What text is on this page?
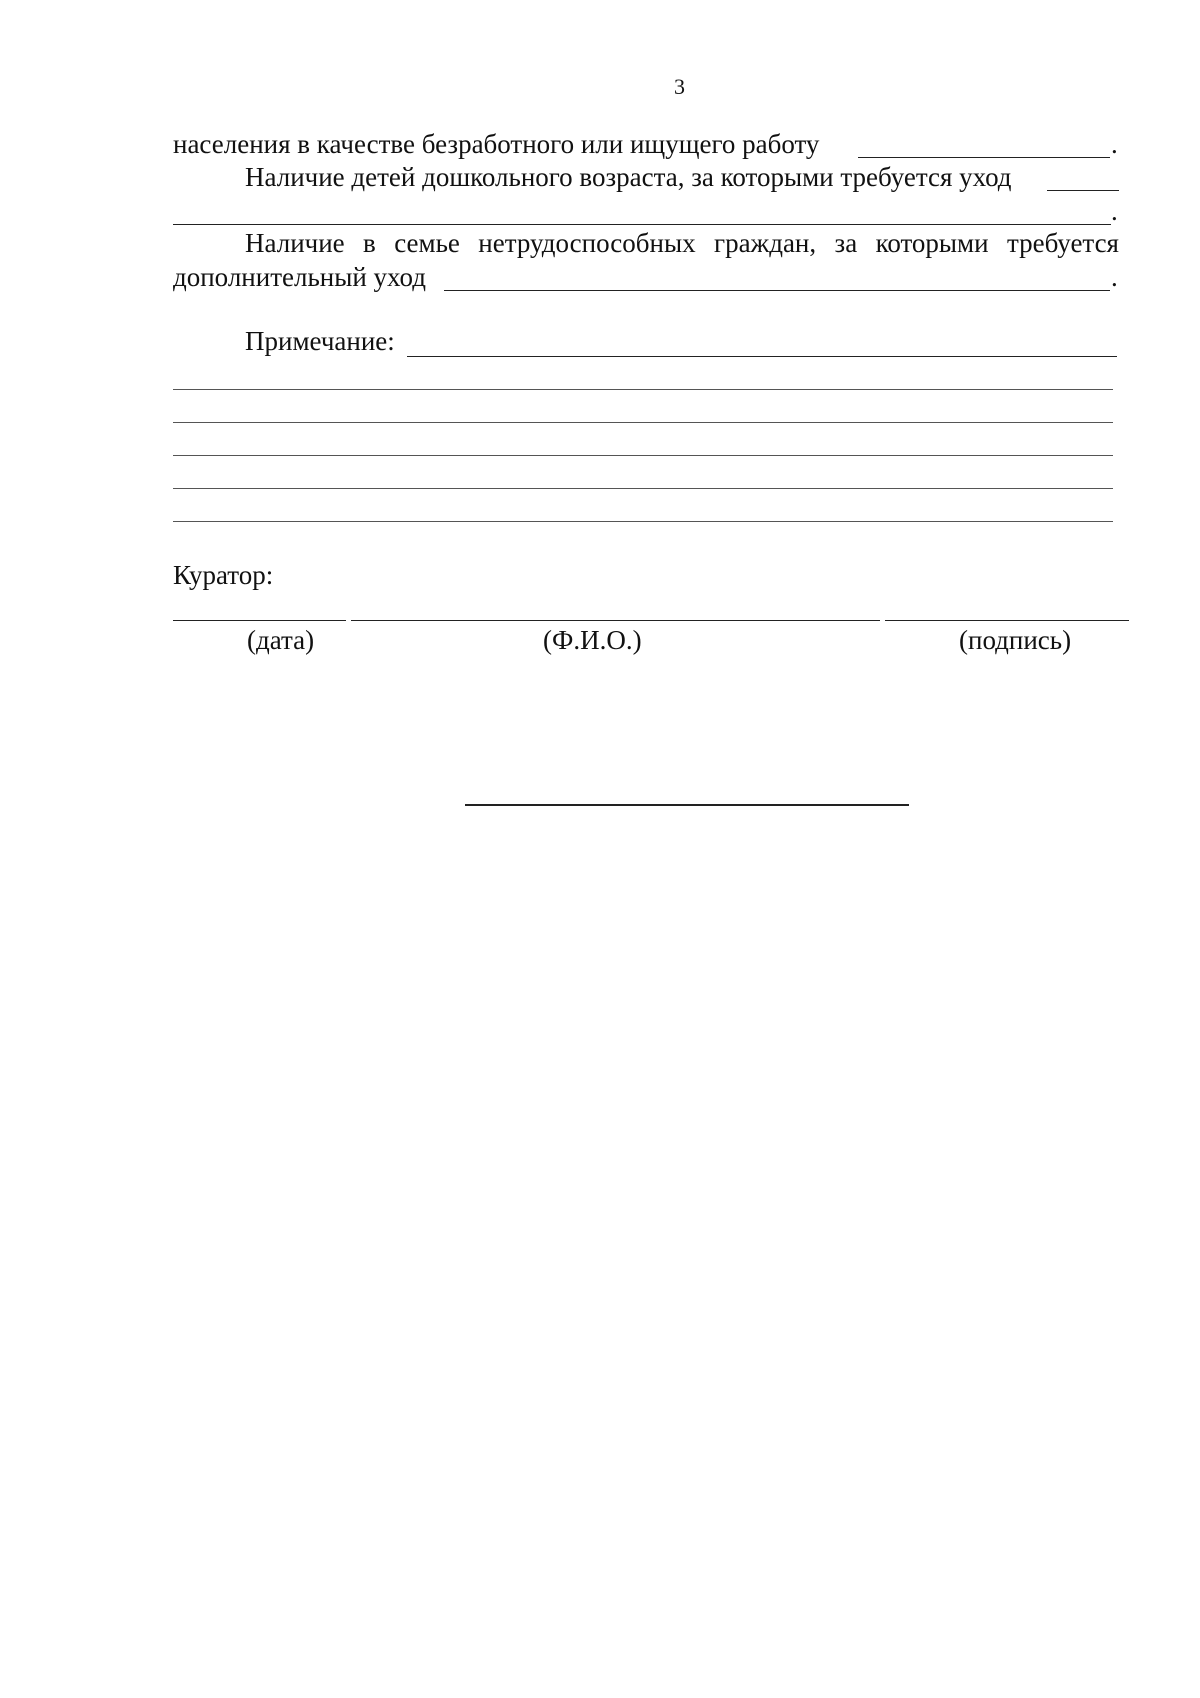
3
населения в качестве безработного или ищущего работу	.
Наличие детей дошкольного возраста, за которыми требуется уход
.
Наличие в семье нетрудоспособных граждан, за которыми требуется
дополнительный уход	.
Примечание:
Куратор:
(дата)	(Ф.И.О.)	(подпись)
